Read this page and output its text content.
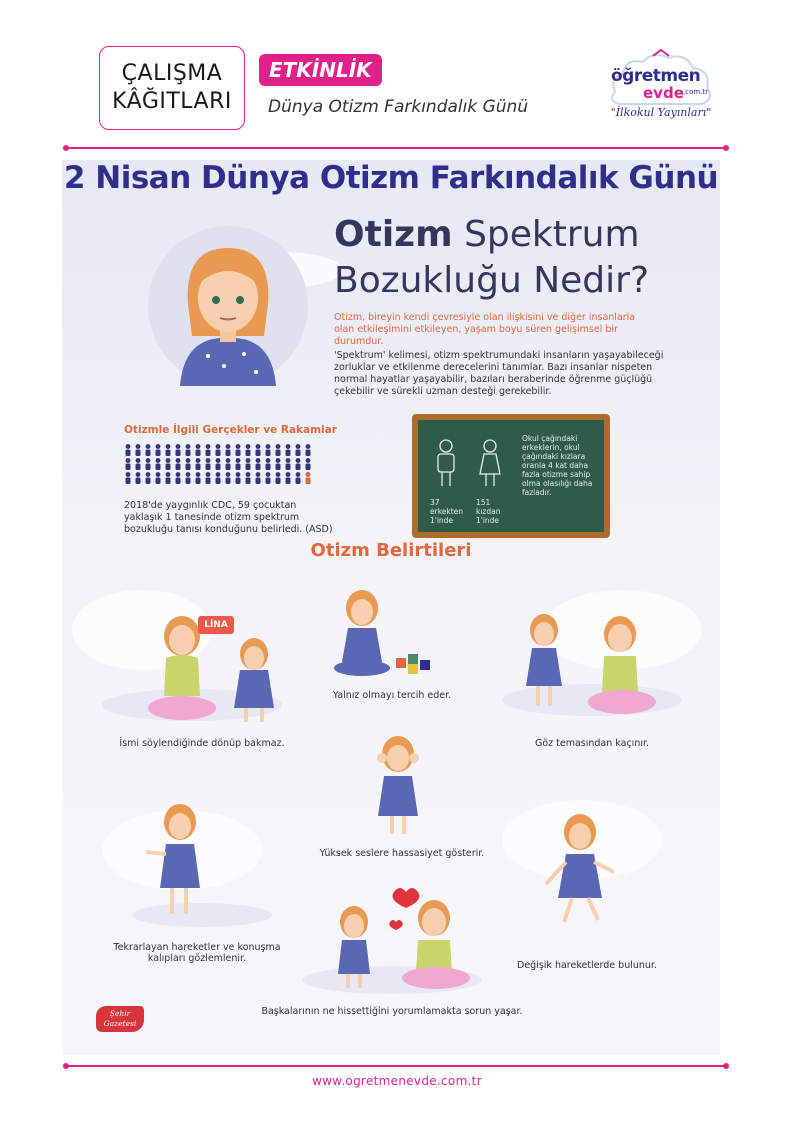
ÇALIŞMA
KÂĞITLARI
ETKİNLİK
Dünya Otizm Farkındalık Günü
öğretmen
evde .com.tr
"İlkokul Yayınları"
2 Nisan Dünya Otizm Farkındalık Günü
Otizm Spektrum
Bozukluğu Nedir?
Otizm, bireyin kendi çevresiyle olan ilişkisini ve diğer insanlarla olan etkileşimini etkileyen, yaşam boyu süren gelişimsel bir durumdur.
'Spektrum' kelimesi, otizm spektrumundaki insanların yaşayabileceği zorluklar ve etkilenme derecelerini tanımlar. Bazı insanlar nispeten normal hayatlar yaşayabilir, bazıları beraberinde öğrenme güçlüğü çekebilir ve sürekli uzman desteği gerekebilir.
Otizmle İlgili Gerçekler ve Rakamlar
2018'de yaygınlık CDC, 59 çocuktan yaklaşık 1 tanesinde otizm spektrum bozukluğu tanısı konduğunu belirledi. (ASD)
37 erkekten 1'inde
151 kızdan 1'inde
Okul çağındaki erkeklerin, okul çağındaki kızlara oranla 4 kat daha fazla otizme sahip olma olasılığı daha fazladır.
Otizm Belirtileri
LİNA
İsmi söylendiğinde dönüp bakmaz.
Yalnız olmayı tercih eder.
Göz temasından kaçınır.
Yüksek seslere hassasiyet gösterir.
Tekrarlayan hareketler ve konuşma kalıpları gözlemlenir.
Değişik hareketlerde bulunur.
Başkalarının ne hissettiğini yorumlamakta sorun yaşar.
Şehir
Gazetesi
www.ogretmenevde.com.tr
